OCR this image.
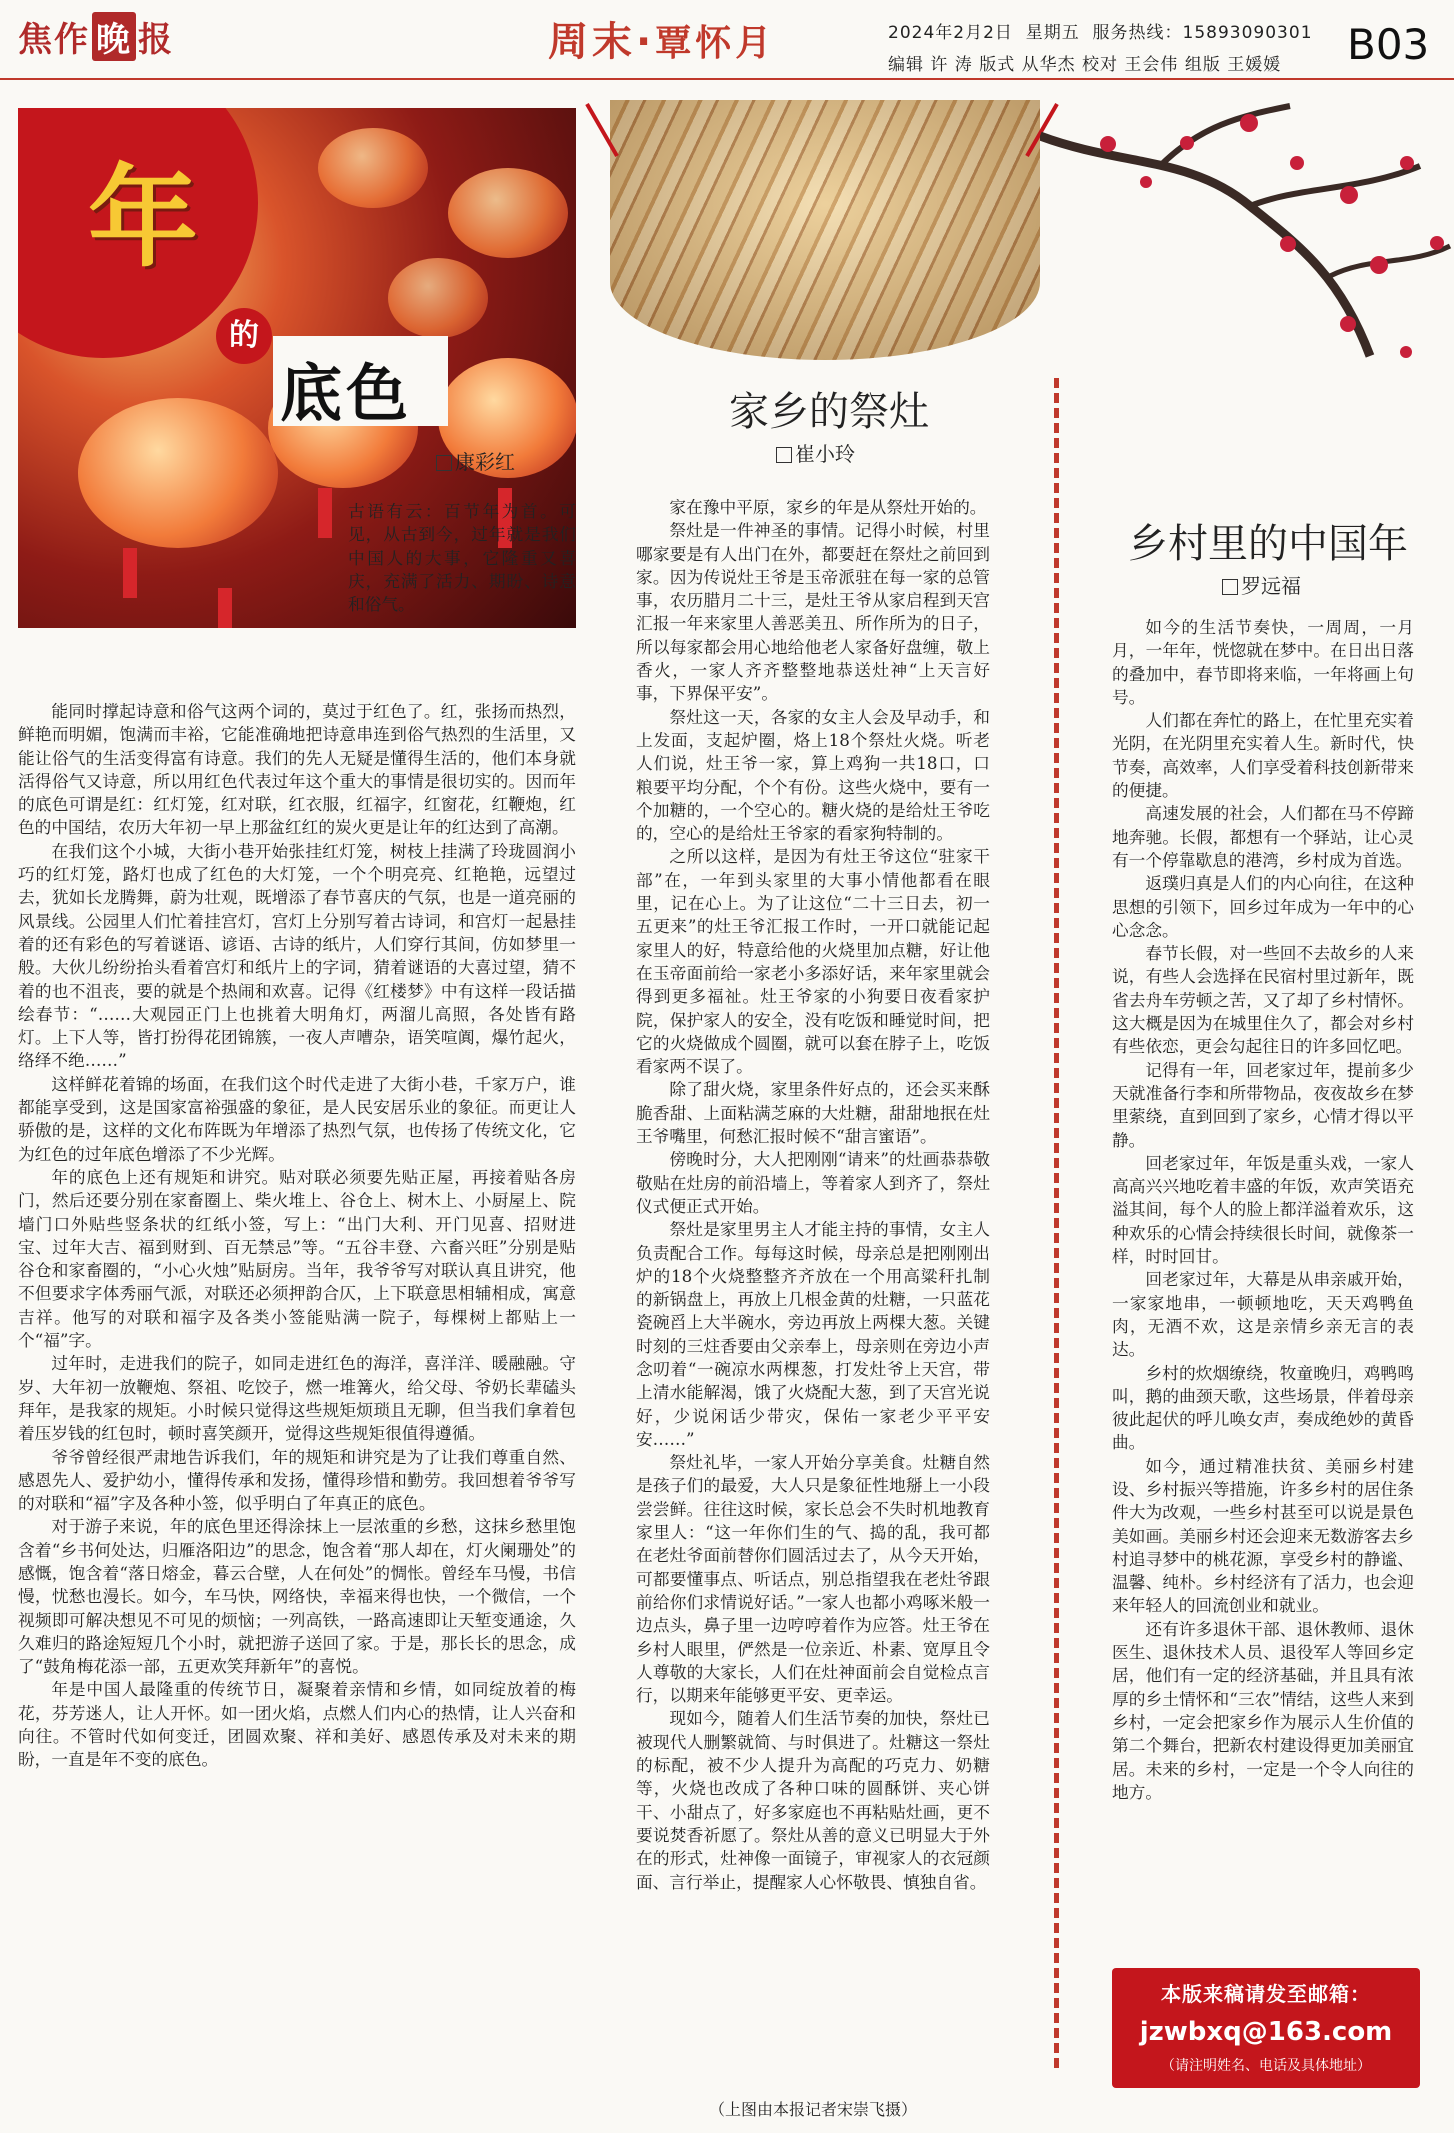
焦作 晚 报	周末·覃怀月	2024年2月2日 星期五 服务热线：15893090301
编辑 许 涛 版式 从华杰 校对 王会伟 组版 王媛媛 B03
年
的
底色
康彩红

古语有云：百节年为首。可见，从古到今，过年就是我们中国人的大事，它隆重又喜庆，充满了活力、期盼、诗意和俗气。

能同时撑起诗意和俗气这两个词的，莫过于红色了。红，张扬而热烈，鲜艳而明媚，饱满而丰裕，它能准确地把诗意串连到俗气热烈的生活里，又能让俗气的生活变得富有诗意。我们的先人无疑是懂得生活的，他们本身就活得俗气又诗意，所以用红色代表过年这个重大的事情是很切实的。因而年的底色可谓是红：红灯笼，红对联，红衣服，红福字，红窗花，红鞭炮，红色的中国结，农历大年初一早上那盆红红的炭火更是让年的红达到了高潮。

在我们这个小城，大街小巷开始张挂红灯笼，树枝上挂满了玲珑圆润小巧的红灯笼，路灯也成了红色的大灯笼，一个个明亮亮、红艳艳，远望过去，犹如长龙腾舞，蔚为壮观，既增添了春节喜庆的气氛，也是一道亮丽的风景线。公园里人们忙着挂宫灯，宫灯上分别写着古诗词，和宫灯一起悬挂着的还有彩色的写着谜语、谚语、古诗的纸片，人们穿行其间，仿如梦里一般。大伙儿纷纷抬头看着宫灯和纸片上的字词，猜着谜语的大喜过望，猜不着的也不沮丧，要的就是个热闹和欢喜。记得《红楼梦》中有这样一段话描绘春节：“……大观园正门上也挑着大明角灯，两溜儿高照，各处皆有路灯。上下人等，皆打扮得花团锦簇，一夜人声嘈杂，语笑喧阗，爆竹起火，络绎不绝……”

这样鲜花着锦的场面，在我们这个时代走进了大街小巷，千家万户，谁都能享受到，这是国家富裕强盛的象征，是人民安居乐业的象征。而更让人骄傲的是，这样的文化布阵既为年增添了热烈气氛，也传扬了传统文化，它为红色的过年底色增添了不少光辉。

年的底色上还有规矩和讲究。贴对联必须要先贴正屋，再接着贴各房门，然后还要分别在家畜圈上、柴火堆上、谷仓上、树木上、小厨屋上、院墙门口外贴些竖条状的红纸小签，写上：“出门大利、开门见喜、招财进宝、过年大吉、福到财到、百无禁忌”等。“五谷丰登、六畜兴旺”分别是贴谷仓和家畜圈的，“小心火烛”贴厨房。当年，我爷爷写对联认真且讲究，他不但要求字体秀丽气派，对联还必须押韵合仄，上下联意思相辅相成，寓意吉祥。他写的对联和福字及各类小签能贴满一院子，每棵树上都贴上一个“福”字。

过年时，走进我们的院子，如同走进红色的海洋，喜洋洋、暖融融。守岁、大年初一放鞭炮、祭祖、吃饺子，燃一堆篝火，给父母、爷奶长辈磕头拜年，是我家的规矩。小时候只觉得这些规矩烦琐且无聊，但当我们拿着包着压岁钱的红包时，顿时喜笑颜开，觉得这些规矩很值得遵循。

爷爷曾经很严肃地告诉我们，年的规矩和讲究是为了让我们尊重自然、感恩先人、爱护幼小，懂得传承和发扬，懂得珍惜和勤劳。我回想着爷爷写的对联和“福”字及各种小签，似乎明白了年真正的底色。

对于游子来说，年的底色里还得涂抹上一层浓重的乡愁，这抹乡愁里饱含着“乡书何处达，归雁洛阳边”的思念，饱含着“那人却在，灯火阑珊处”的感慨，饱含着“落日熔金，暮云合壁，人在何处”的惆怅。曾经车马慢，书信慢，忧愁也漫长。如今，车马快，网络快，幸福来得也快，一个微信，一个视频即可解决想见不可见的烦恼；一列高铁，一路高速即让天堑变通途，久久难归的路途短短几个小时，就把游子送回了家。于是，那长长的思念，成了“鼓角梅花添一部，五更欢笑拜新年”的喜悦。

年是中国人最隆重的传统节日，凝聚着亲情和乡情，如同绽放着的梅花，芬芳迷人，让人开怀。如一团火焰，点燃人们内心的热情，让人兴奋和向往。不管时代如何变迁，团圆欢聚、祥和美好、感恩传承及对未来的期盼，一直是年不变的底色。

家乡的祭灶
崔小玲

家在豫中平原，家乡的年是从祭灶开始的。

祭灶是一件神圣的事情。记得小时候，村里哪家要是有人出门在外，都要赶在祭灶之前回到家。因为传说灶王爷是玉帝派驻在每一家的总管事，农历腊月二十三，是灶王爷从家启程到天宫汇报一年来家里人善恶美丑、所作所为的日子，所以每家都会用心地给他老人家备好盘缠，敬上香火，一家人齐齐整整地恭送灶神“上天言好事，下界保平安”。

祭灶这一天，各家的女主人会及早动手，和上发面，支起炉圈，烙上18个祭灶火烧。听老人们说，灶王爷一家，算上鸡狗一共18口，口粮要平均分配，个个有份。这些火烧中，要有一个加糖的，一个空心的。糖火烧的是给灶王爷吃的，空心的是给灶王爷家的看家狗特制的。

之所以这样，是因为有灶王爷这位“驻家干部”在，一年到头家里的大事小情他都看在眼里，记在心上。为了让这位“二十三日去，初一五更来”的灶王爷汇报工作时，一开口就能记起家里人的好，特意给他的火烧里加点糖，好让他在玉帝面前给一家老小多添好话，来年家里就会得到更多福祉。灶王爷家的小狗要日夜看家护院，保护家人的安全，没有吃饭和睡觉时间，把它的火烧做成个圆圈，就可以套在脖子上，吃饭看家两不误了。

除了甜火烧，家里条件好点的，还会买来酥脆香甜、上面粘满芝麻的大灶糖，甜甜地抿在灶王爷嘴里，何愁汇报时候不“甜言蜜语”。

傍晚时分，大人把刚刚“请来”的灶画恭恭敬敬贴在灶房的前沿墙上，等着家人到齐了，祭灶仪式便正式开始。

祭灶是家里男主人才能主持的事情，女主人负责配合工作。每每这时候，母亲总是把刚刚出炉的18个火烧整整齐齐放在一个用高粱秆扎制的新锅盘上，再放上几根金黄的灶糖，一只蓝花瓷碗舀上大半碗水，旁边再放上两棵大葱。关键时刻的三炷香要由父亲奉上，母亲则在旁边小声念叨着“一碗凉水两棵葱，打发灶爷上天宫，带上清水能解渴，饿了火烧配大葱，到了天宫光说好，少说闲话少带灾，保佑一家老少平平安安……”

祭灶礼毕，一家人开始分享美食。灶糖自然是孩子们的最爱，大人只是象征性地掰上一小段尝尝鲜。往往这时候，家长总会不失时机地教育家里人：“这一年你们生的气、捣的乱，我可都在老灶爷面前替你们圆活过去了，从今天开始，可都要懂事点、听话点，别总指望我在老灶爷跟前给你们求情说好话。”一家人也都小鸡啄米般一边点头，鼻子里一边哼哼着作为应答。灶王爷在乡村人眼里，俨然是一位亲近、朴素、宽厚且令人尊敬的大家长，人们在灶神面前会自觉检点言行，以期来年能够更平安、更幸运。

现如今，随着人们生活节奏的加快，祭灶已被现代人删繁就简、与时俱进了。灶糖这一祭灶的标配，被不少人提升为高配的巧克力、奶糖等，火烧也改成了各种口味的圆酥饼、夹心饼干、小甜点了，好多家庭也不再粘贴灶画，更不要说焚香祈愿了。祭灶从善的意义已明显大于外在的形式，灶神像一面镜子，审视家人的衣冠颜面、言行举止，提醒家人心怀敬畏、慎独自省。

（上图由本报记者宋崇飞摄）
乡村里的中国年
罗远福

如今的生活节奏快，一周周，一月月，一年年，恍惚就在梦中。在日出日落的叠加中，春节即将来临，一年将画上句号。

人们都在奔忙的路上，在忙里充实着光阴，在光阴里充实着人生。新时代，快节奏，高效率，人们享受着科技创新带来的便捷。

高速发展的社会，人们都在马不停蹄地奔驰。长假，都想有一个驿站，让心灵有一个停靠歇息的港湾，乡村成为首选。

返璞归真是人们的内心向往，在这种思想的引领下，回乡过年成为一年中的心心念念。

春节长假，对一些回不去故乡的人来说，有些人会选择在民宿村里过新年，既省去舟车劳顿之苦，又了却了乡村情怀。这大概是因为在城里住久了，都会对乡村有些依恋，更会勾起往日的许多回忆吧。

记得有一年，回老家过年，提前多少天就准备行李和所带物品，夜夜故乡在梦里萦绕，直到回到了家乡，心情才得以平静。

回老家过年，年饭是重头戏，一家人高高兴兴地吃着丰盛的年饭，欢声笑语充溢其间，每个人的脸上都洋溢着欢乐，这种欢乐的心情会持续很长时间，就像茶一样，时时回甘。

回老家过年，大幕是从串亲戚开始，一家家地串，一顿顿地吃，天天鸡鸭鱼肉，无酒不欢，这是亲情乡亲无言的表达。

乡村的炊烟缭绕，牧童晚归，鸡鸭鸣叫，鹅的曲颈天歌，这些场景，伴着母亲彼此起伏的呼儿唤女声，奏成绝妙的黄昏曲。

如今，通过精准扶贫、美丽乡村建设、乡村振兴等措施，许多乡村的居住条件大为改观，一些乡村甚至可以说是景色美如画。美丽乡村还会迎来无数游客去乡村追寻梦中的桃花源，享受乡村的静谧、温馨、纯朴。乡村经济有了活力，也会迎来年轻人的回流创业和就业。

还有许多退休干部、退休教师、退休医生、退休技术人员、退役军人等回乡定居，他们有一定的经济基础，并且具有浓厚的乡土情怀和“三农”情结，这些人来到乡村，一定会把家乡作为展示人生价值的第二个舞台，把新农村建设得更加美丽宜居。未来的乡村，一定是一个令人向往的地方。

本版来稿请发至邮箱：
jzwbxq@163.com
（请注明姓名、电话及具体地址）
